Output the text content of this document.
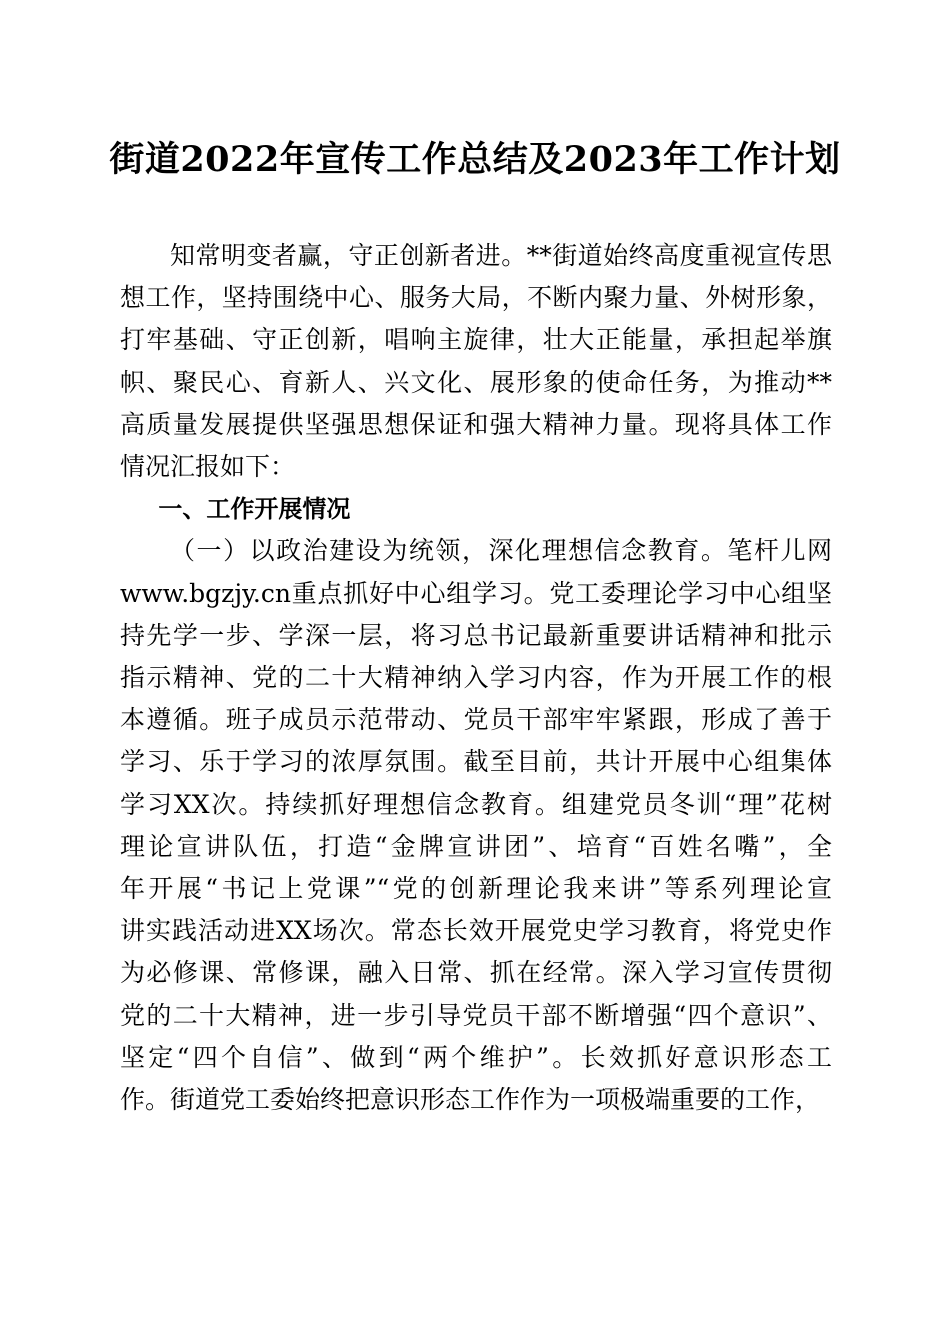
街道2022年宣传工作总结及2023年工作计划

知常明变者赢，守正创新者进。**街道始终高度重视宣传思
想工作，坚持围绕中心、服务大局，不断内聚力量、外树形象，
打牢基础、守正创新，唱响主旋律，壮大正能量，承担起举旗
帜、聚民心、育新人、兴文化、展形象的使命任务，为推动**
高质量发展提供坚强思想保证和强大精神力量。现将具体工作
情况汇报如下：

一、工作开展情况

（一）以政治建设为统领，深化理想信念教育。笔杆儿网
www.bgzjy.cn重点抓好中心组学习。党工委理论学习中心组坚
持先学一步、学深一层，将习总书记最新重要讲话精神和批示
指示精神、党的二十大精神纳入学习内容，作为开展工作的根
本遵循。班子成员示范带动、党员干部牢牢紧跟，形成了善于
学习、乐于学习的浓厚氛围。截至目前，共计开展中心组集体
学习XX次。持续抓好理想信念教育。组建党员冬训“理”花树
理论宣讲队伍，打造“金牌宣讲团”、培育“百姓名嘴”，全
年开展“书记上党课”“党的创新理论我来讲”等系列理论宣
讲实践活动进XX场次。常态长效开展党史学习教育，将党史作
为必修课、常修课，融入日常、抓在经常。深入学习宣传贯彻
党的二十大精神，进一步引导党员干部不断增强“四个意识”、
坚定“四个自信”、做到“两个维护”。长效抓好意识形态工
作。街道党工委始终把意识形态工作作为一项极端重要的工作，
